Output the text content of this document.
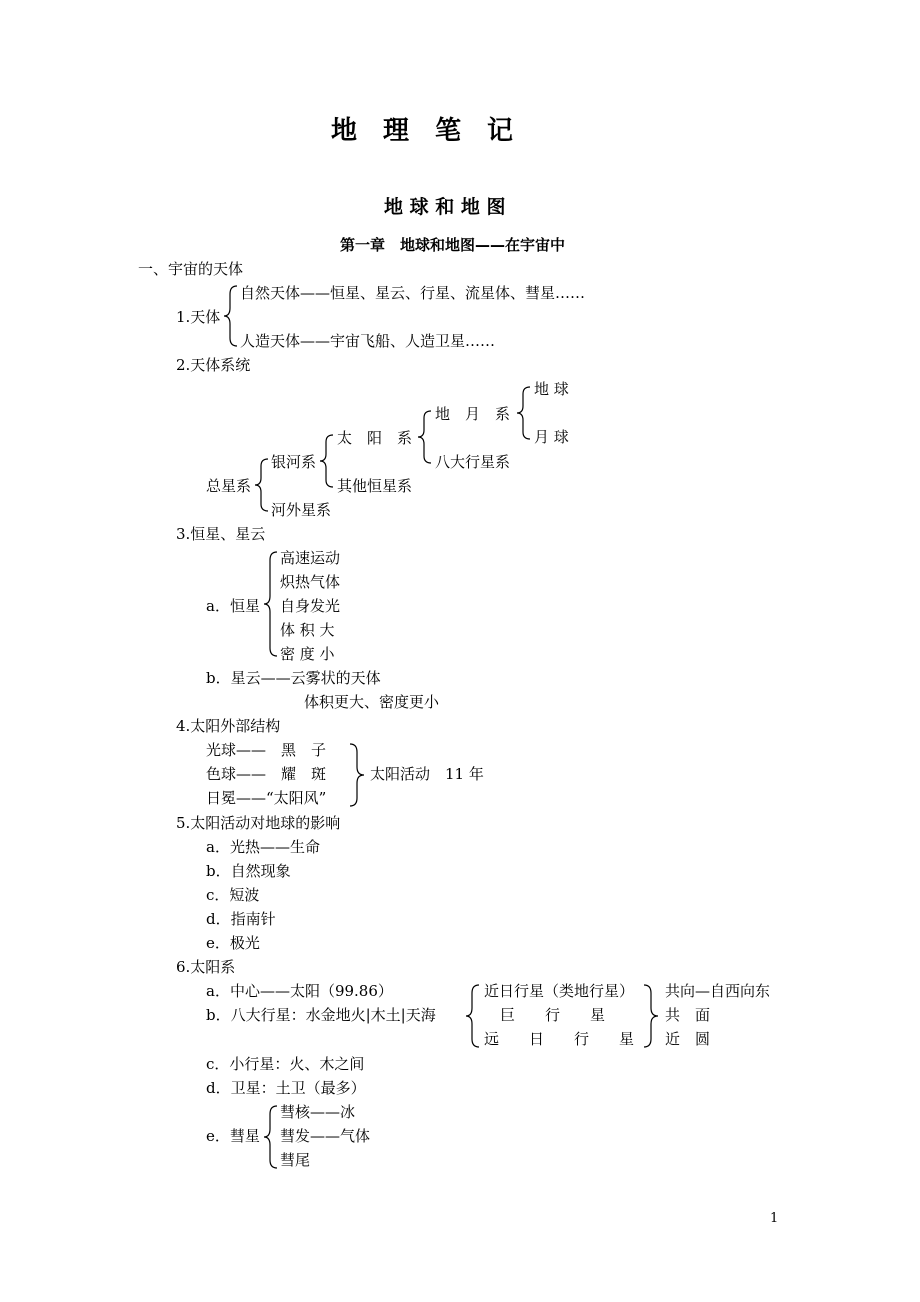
地　理　笔　记
地 球 和 地 图
第一章　地球和地图——在宇宙中
一、宇宙的天体
1.天体
自然天体——恒星、星云、行星、流星体、彗星……
人造天体——宇宙飞船、人造卫星……
2.天体系统
总星系
银河系
河外星系
太　阳　系
其他恒星系
地　月　系
八大行星系
地 球
月 球
3.恒星、星云
a．恒星
高速运动
炽热气体
自身发光
体 积 大
密 度 小
b．星云——云雾状的天体
体积更大、密度更小
4.太阳外部结构
光球——　黑　子
色球——　耀　斑
日冕——“太阳风”
太阳活动　11 年
5.太阳活动对地球的影响
a．光热——生命
b．自然现象
c．短波
d．指南针
e．极光
6.太阳系
a．中心——太阳（99.86）
b．八大行星：水金地火|木土|天海
近日行星（类地行星）
巨　　行　　星
远　　日　　行　　星
共向—自西向东
共　面
近　圆
c．小行星：火、木之间
d．卫星：土卫（最多）
e．彗星
彗核——冰
彗发——气体
彗尾
1
